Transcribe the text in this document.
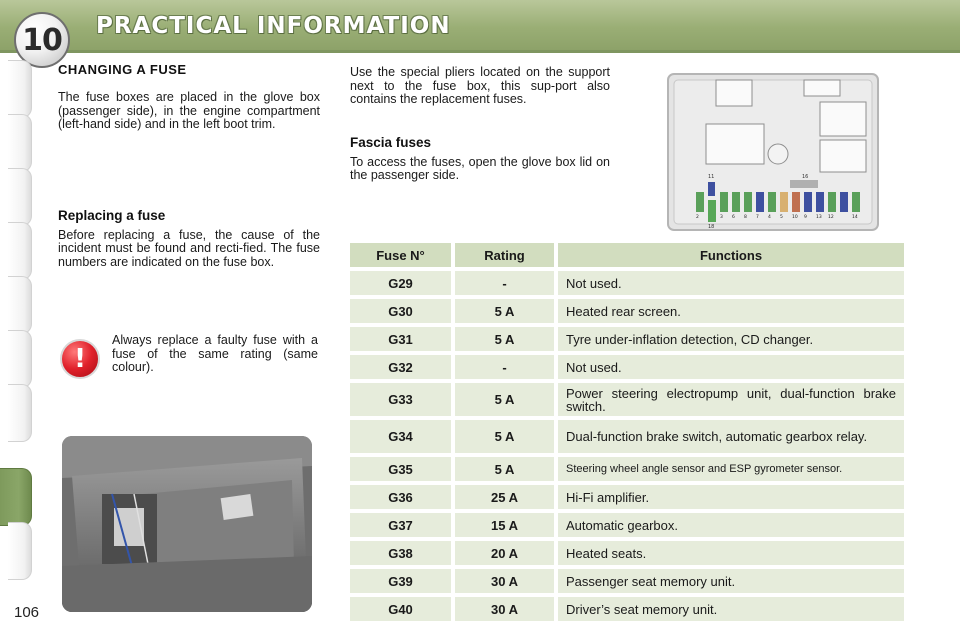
PRACTICAL INFORMATION
10
106
CHANGING A FUSE

The fuse boxes are placed in the glove box (passenger side), in the engine compartment (left-hand side) and in the left boot trim.

Replacing a fuse

Before replacing a fuse, the cause of the incident must be found and recti-fied. The fuse numbers are indicated on the fuse box.

!

Always replace a faulty fuse with a fuse of the same rating (same colour).

Use the special pliers located on the support next to the fuse box, this sup-port also contains the replacement fuses.

Fascia fuses

To access the fuses, open the glove box lid on the passenger side.	11	16
18
2	3 6 8 7 4 5 10 9 13 12	14
Fuse N°	Rating	Functions
G29	-	Not used.
G30	5 A	Heated rear screen.
G31	5 A	Tyre under-inflation detection, CD changer.
G32	-	Not used.
G33	5 A	Power steering electropump unit, dual-function brake switch.
G34	5 A	Dual-function brake switch, automatic gearbox relay.
G35	5 A	Steering wheel angle sensor and ESP gyrometer sensor.
G36	25 A	Hi-Fi amplifier.
G37	15 A	Automatic gearbox.
G38	20 A	Heated seats.
G39	30 A	Passenger seat memory unit.
G40	30 A	Driver’s seat memory unit.
